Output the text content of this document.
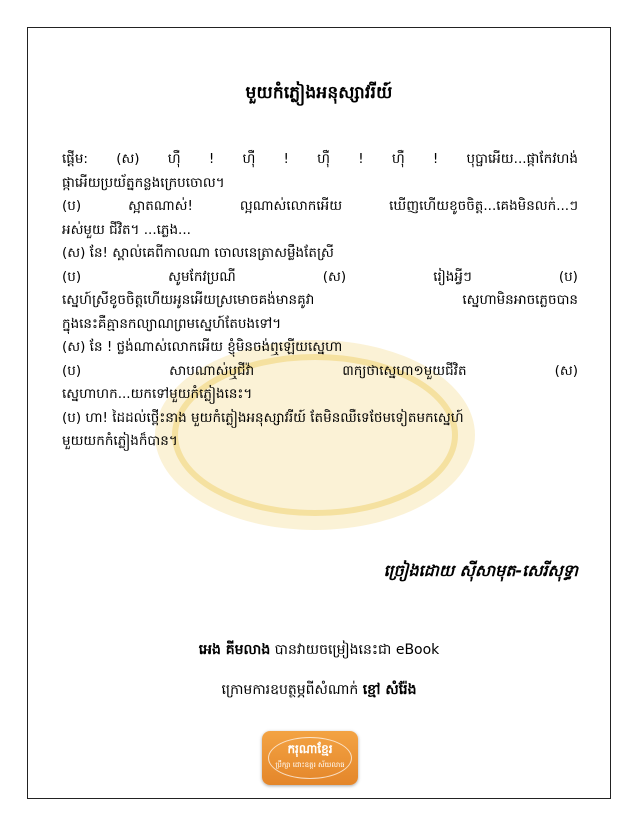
មួយកំភ្លៀងអនុស្សាវរីយ៍
ផ្ដើម: (ស) ហ៊ឺ ! ហ៊ឺ ! ហ៊ឺ ! ហ៊ឺ ! បុប្ផាអើយ...ផ្កាកែវហង់
ផ្កាអើយប្រយ័ត្នកន្លងក្រេបចោល។
(ប)	ស្អាតណាស់!	ល្អណាស់លោកអើយ	ឃើញហើយខូចចិត្ត...គេងមិនលក់...ៗ
អស់មួយ ជីវិត។ ...ភ្លេង...
(ស) នែ! ស្គាល់គេពីកាលណា ចោលនេត្រាសម្លឹងតែស្រី
(ប)	សូមកែវប្រណី	(ស)	រៀងអ្វីៗ	(ប)
ស្នេហ៍ស្រីខូចចិត្តហើយអូនអើយស្រមោចគង់មានគូវា	ស្នេហាមិនអាចភ្លេចបាន
ក្នុងនេះគឺគ្មានកល្យាណព្រមស្នេហ៍តែបងទៅ។
(ស) នែ ! ថ្លង់ណាស់លោកអើយ ខ្ញុំមិនចង់ឮឡើយស្នេហា
(ប)	សាបណាស់ឬជីវ៉ា	៣ក្យថាស្នេហា១មួយជីវិត	(ស)
ស្នេហាហក...យកទៅមួយកំភ្លៀងនេះ។
(ប) ហា! ដៃដល់ថ្ពើះនាង មួយកំភ្លៀងអនុស្សាវរីយ៍ តែមិនឈឺទេថែមទៀតមកស្នេហ៍
មួយយកកំភ្លៀងក៏បាន។
ច្រៀងដោយ ស៊ីសាមុត-សេរីសុទ្ធា
អេង គីមលាង បានវាយចម្រៀងនេះជា eBook
ក្រោមការឧបត្ថម្ភពីសំណាក់ ខ្មៅ សំរ៉ែង
ករុណាខ្មែរ
ប្រឹក្សា ដោះឧត្តរ ស័យលាធ
